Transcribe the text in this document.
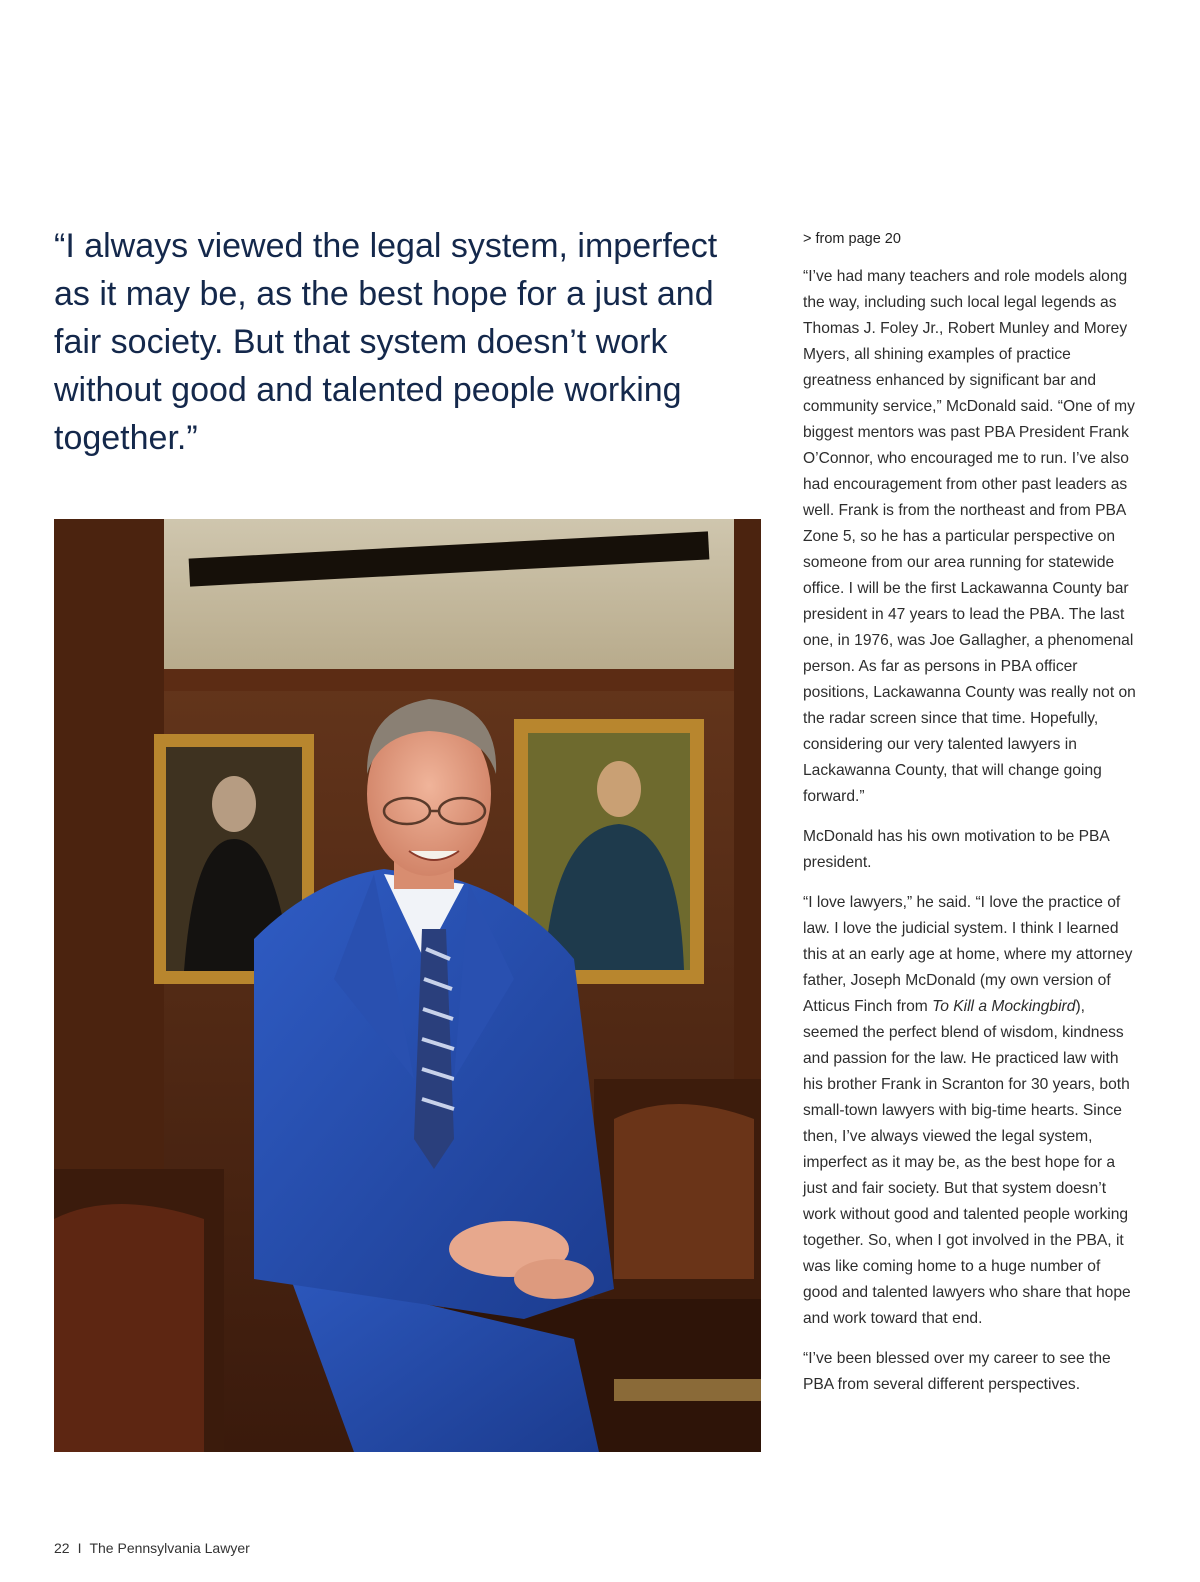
“I always viewed the legal system, imperfect as it may be, as the best hope for a just and fair society. But that system doesn’t work without good and talented people working together.”

> from page 20

“I’ve had many teachers and role models along the way, including such local legal legends as Thomas J. Foley Jr., Robert Munley and Morey Myers, all shining examples of practice greatness enhanced by significant bar and community service,” McDonald said. “One of my biggest mentors was past PBA President Frank O’Connor, who encouraged me to run. I’ve also had encouragement from other past leaders as well. Frank is from the northeast and from PBA Zone 5, so he has a particular perspective on someone from our area running for statewide office. I will be the first Lackawanna County bar president in 47 years to lead the PBA. The last one, in 1976, was Joe Gallagher, a phenomenal person. As far as persons in PBA officer positions, Lackawanna County was really not on the radar screen since that time. Hopefully, considering our very talented lawyers in Lackawanna County, that will change going forward.”

McDonald has his own motivation to be PBA president.

“I love lawyers,” he said. “I love the practice of law. I love the judicial system. I think I learned this at an early age at home, where my attorney father, Joseph McDonald (my own version of Atticus Finch from To Kill a Mockingbird), seemed the perfect blend of wisdom, kindness and passion for the law. He practiced law with his brother Frank in Scranton for 30 years, both small-town lawyers with big-time hearts. Since then, I’ve always viewed the legal system, imperfect as it may be, as the best hope for a just and fair society. But that system doesn’t work without good and talented people working together. So, when I got involved in the PBA, it was like coming home to a huge number of good and talented lawyers who share that hope and work toward that end.

“I’ve been blessed over my career to see the PBA from several different perspectives.

22 I The Pennsylvania Lawyer
